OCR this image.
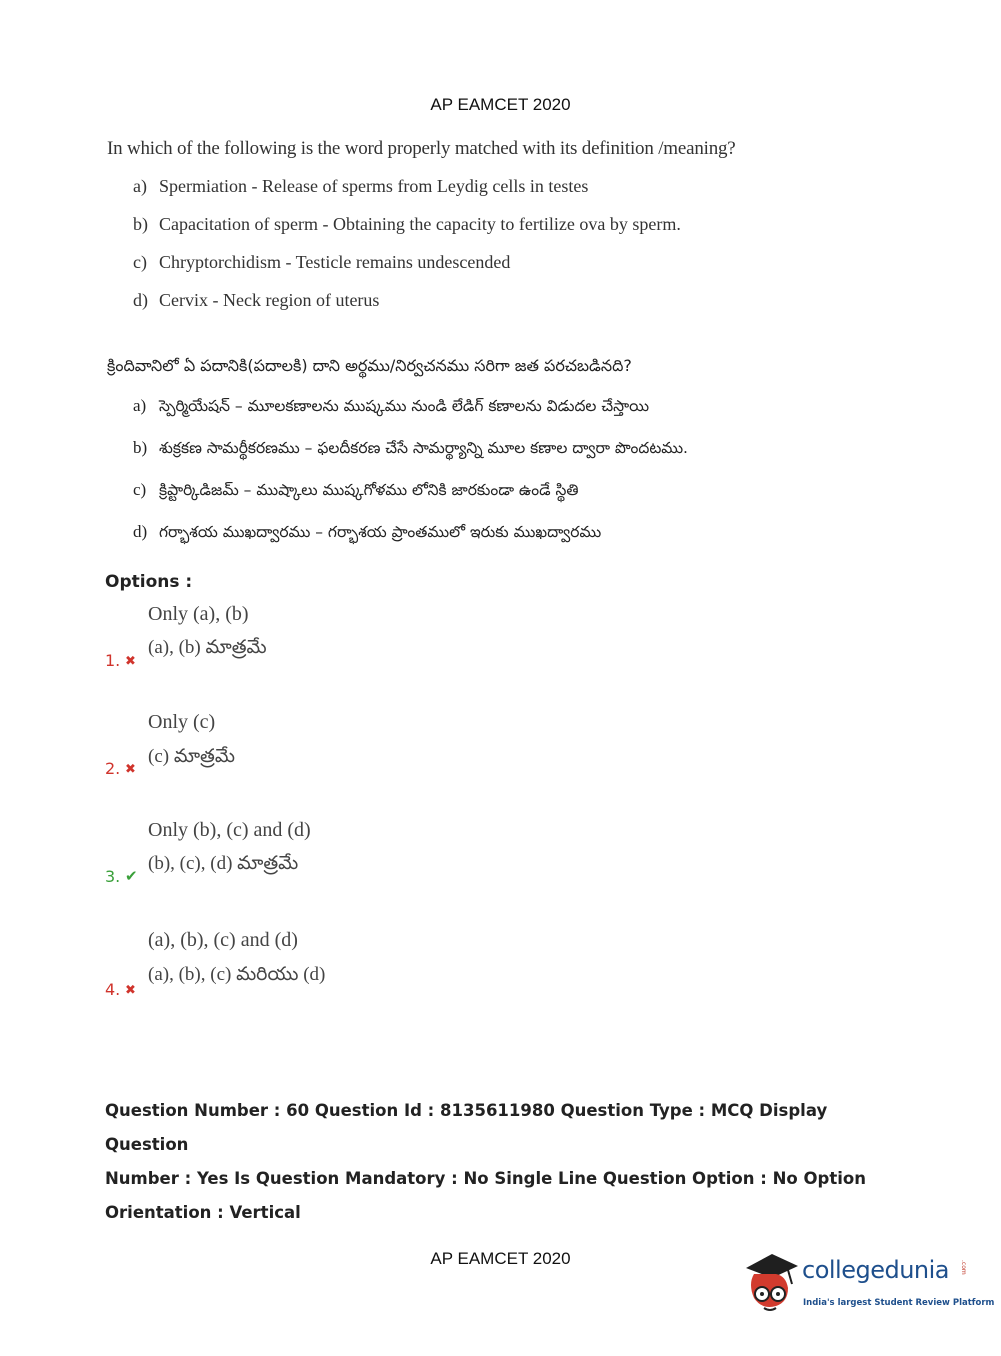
AP EAMCET 2020
In which of the following is the word properly matched with its definition /meaning?
a) Spermiation - Release of sperms from Leydig cells in testes
b) Capacitation of sperm - Obtaining the capacity to fertilize ova by sperm.
c) Chryptorchidism - Testicle remains undescended
d) Cervix - Neck region of uterus
క్రిందివానిలో ఏ పదానికి(పదాలకి) దాని అర్థము/నిర్వచనము సరిగా జత పరచబడినది?
a) స్పెర్మియేషన్ – మూలకణాలను ముష్కము నుండి లేడిగ్ కణాలను విడుదల చేస్తాయి
b) శుక్రకణ సామర్థీకరణము – ఫలదీకరణ చేసే సామర్థ్యాన్ని మూల కణాల ద్వారా పొందటము.
c) క్రిప్టార్కిడిజమ్ – ముష్కాలు ముష్కగోళము లోనికి జారకుండా ఉండే స్థితి
d) గర్భాశయ ముఖద్వారము – గర్భాశయ ప్రాంతములో ఇరుకు ముఖద్వారము
Options :
Only (a), (b)
(a), (b) మాత్రమే
1. ✖
Only (c)
(c) మాత్రమే
2. ✖
Only (b), (c) and (d)
(b), (c), (d) మాత్రమే
3. ✔
(a), (b), (c) and (d)
(a), (b), (c) మరియు (d)
4. ✖
Question Number : 60 Question Id : 8135611980 Question Type : MCQ Display Question
Number : Yes Is Question Mandatory : No Single Line Question Option : No Option
Orientation : Vertical
AP EAMCET 2020	collegedunia .com
India's largest Student Review Platform
